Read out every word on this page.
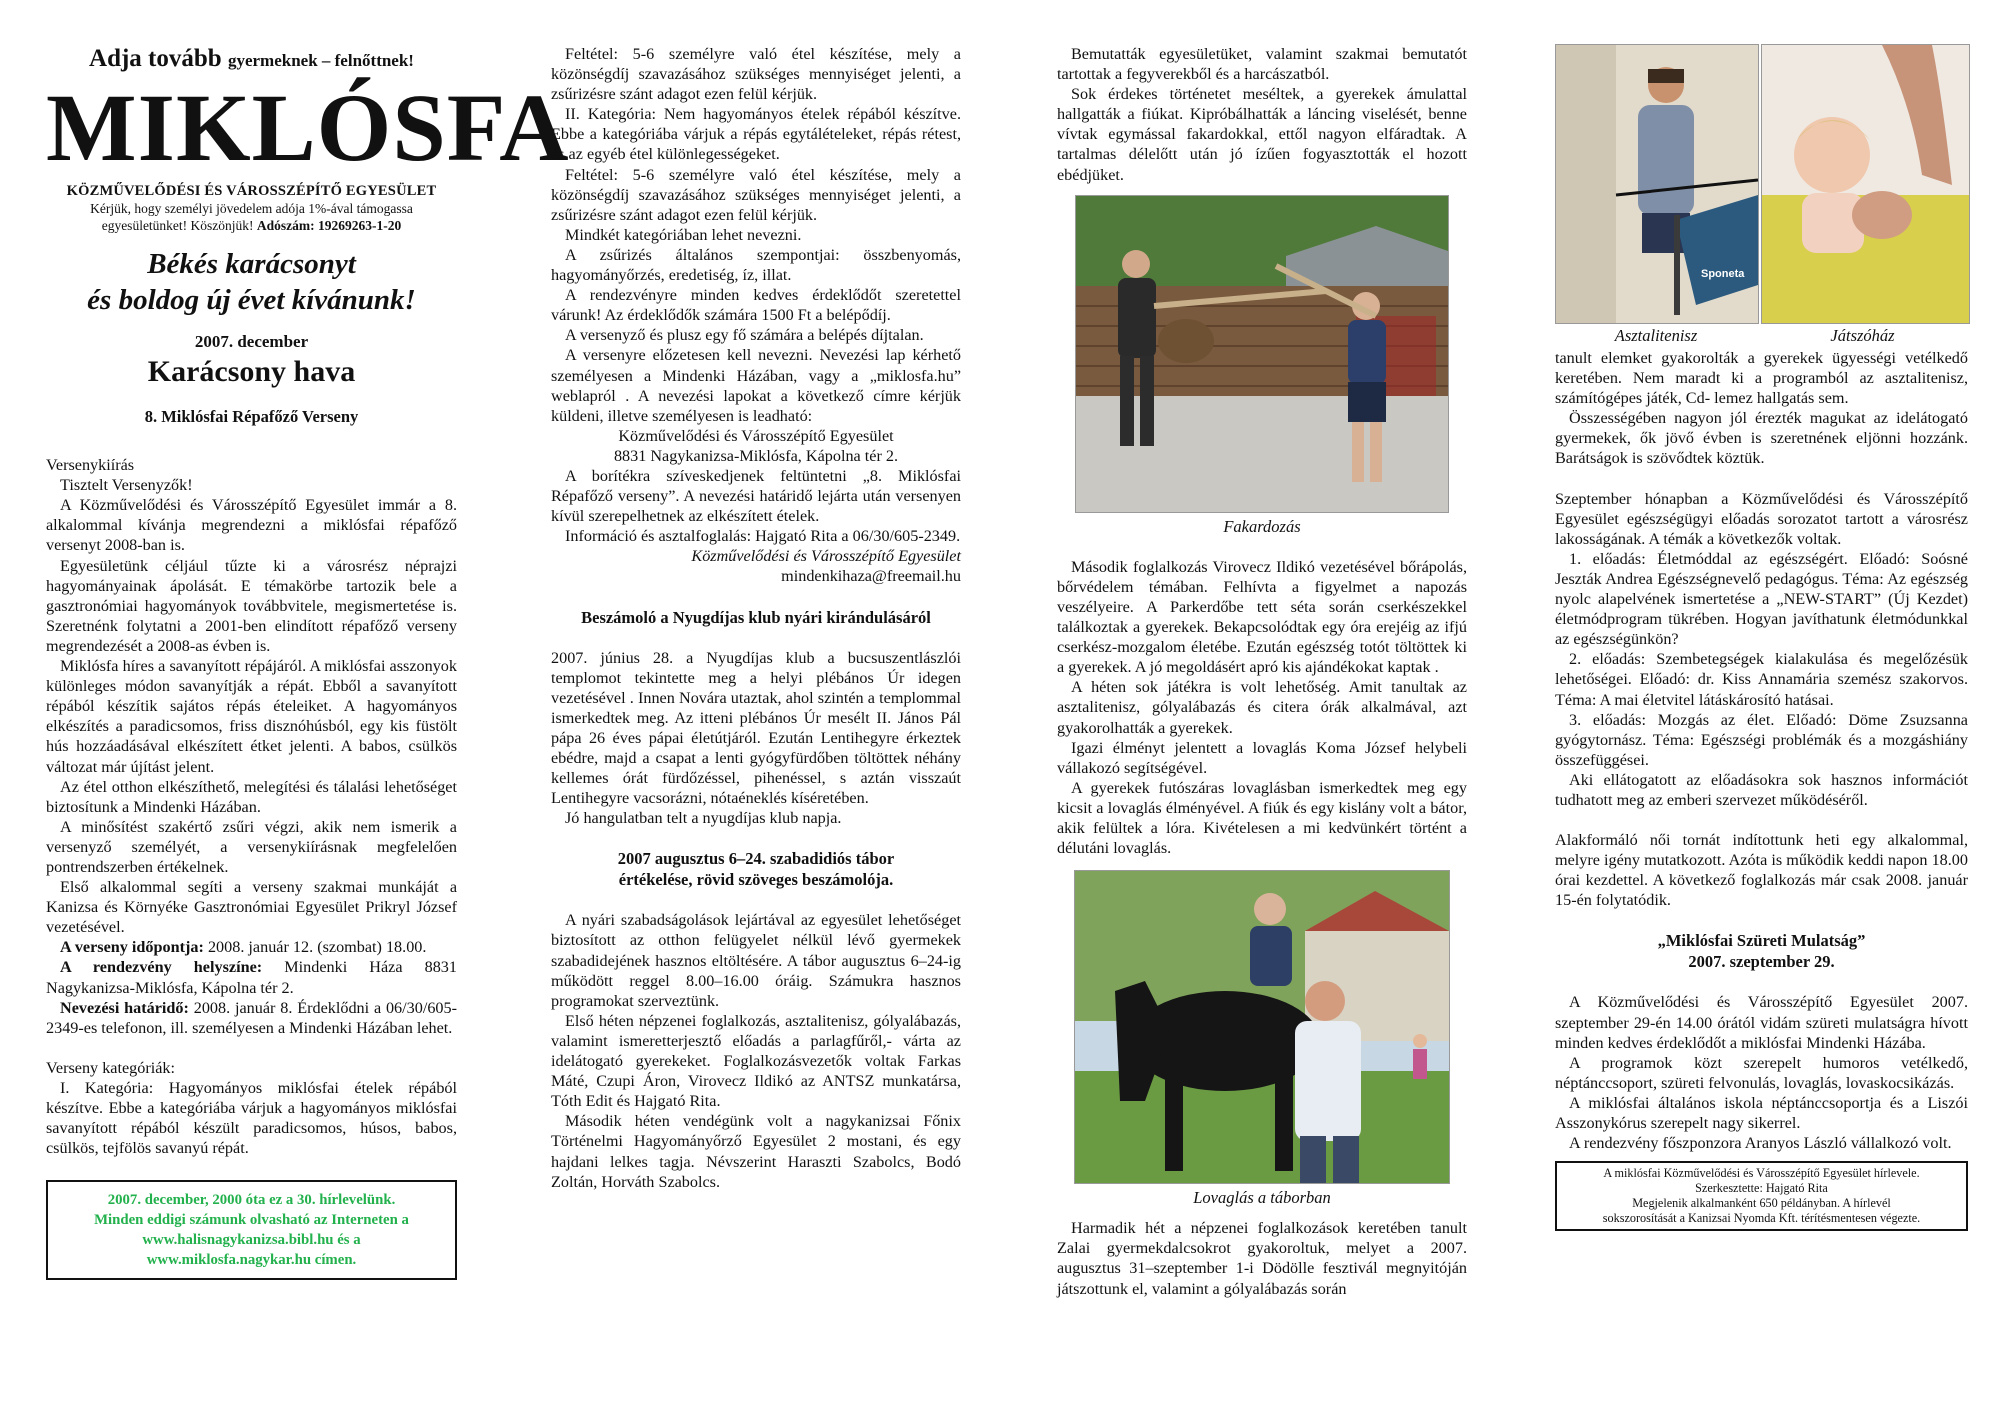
Adja tovább gyermeknek – felnőttnek!
MIKLÓSFA
KÖZMŰVELŐDÉSI ÉS VÁROSSZÉPÍTŐ EGYESÜLET
Kérjük, hogy személyi jövedelem adója 1%-ával támogassa
egyesületünket! Köszönjük! Adószám: 19269263-1-20
Békés karácsonyt
és boldog új évet kívánunk!
2007. december
Karácsony hava
8. Miklósfai Répafőző Verseny

Versenykiírás

Tisztelt Versenyzők!

A Közművelődési és Városszépítő Egyesület immár a 8. alkalommal kívánja megrendezni a miklósfai répafőző versenyt 2008-ban is.

Egyesületünk céljául tűzte ki a városrész néprajzi hagyományainak ápolását. E témakörbe tartozik bele a gasztronómiai hagyományok továbbvitele, megismertetése is. Szeretnénk folytatni a 2001-ben elindított répafőző verseny megrendezését a 2008-as évben is.

Miklósfa híres a savanyított répájáról. A miklósfai asszonyok különleges módon savanyítják a répát. Ebből a savanyított répából készítik sajátos répás ételeiket. A hagyományos elkészítés a paradicsomos, friss disznóhúsból, egy kis füstölt hús hozzáadásával elkészített étket jelenti. A babos, csülkös változat már újítást jelent.

Az étel otthon elkészíthető, melegítési és tálalási lehetőséget biztosítunk a Mindenki Házában.

A minősítést szakértő zsűri végzi, akik nem ismerik a versenyző személyét, a versenykiírásnak megfelelően pontrendszerben értékelnek.

Első alkalommal segíti a verseny szakmai munkáját a Kanizsa és Környéke Gasztronómiai Egyesület Prikryl József vezetésével.

A verseny időpontja: 2008. január 12. (szombat) 18.00.

A rendezvény helyszíne: Mindenki Háza 8831 Nagykanizsa-Miklósfa, Kápolna tér 2.

Nevezési határidő: 2008. január 8. Érdeklődni a 06/30/605-2349-es telefonon, ill. személyesen a Mindenki Házában lehet.

Verseny kategóriák:

I. Kategória: Hagyományos miklósfai ételek répából készítve. Ebbe a kategóriába várjuk a hagyományos miklósfai savanyított répából készült paradicsomos, húsos, babos, csülkös, tejfölös savanyú répát.

2007. december, 2000 óta ez a 30. hírlevelünk.
Minden eddigi számunk olvasható az Interneten a
www.halisnagykanizsa.bibl.hu és a
www.miklosfa.nagykar.hu címen.

Feltétel: 5-6 személyre való étel készítése, mely a közönségdíj szavazásához szükséges mennyiséget jelenti, a zsűrizésre szánt adagot ezen felül kérjük.

II. Kategória: Nem hagyományos ételek répából készítve. Ebbe a kategóriába várjuk a répás egytálételeket, répás rétest, és az egyéb étel különlegességeket.

Feltétel: 5-6 személyre való étel készítése, mely a közönségdíj szavazásához szükséges mennyiséget jelenti, a zsűrizésre szánt adagot ezen felül kérjük.

Mindkét kategóriában lehet nevezni.

A zsűrizés általános szempontjai: összbenyomás, hagyományőrzés, eredetiség, íz, illat.

A rendezvényre minden kedves érdeklődőt szeretettel várunk! Az érdeklődők számára 1500 Ft a belépődíj.

A versenyző és plusz egy fő számára a belépés díjtalan.

A versenyre előzetesen kell nevezni. Nevezési lap kérhető személyesen a Mindenki Házában, vagy a „miklosfa.hu” weblapról . A nevezési lapokat a következő címre kérjük küldeni, illetve személyesen is leadható:

Közművelődési és Városszépítő Egyesület

8831 Nagykanizsa-Miklósfa, Kápolna tér 2.

A borítékra szíveskedjenek feltüntetni „8. Miklósfai Répafőző verseny”. A nevezési határidő lejárta után versenyen kívül szerepelhetnek az elkészített ételek.

Információ és asztalfoglalás: Hajgató Rita a 06/30/605-2349.

Közművelődési és Városszépítő Egyesület

mindenkihaza@freemail.hu

Beszámoló a Nyugdíjas klub nyári kirándulásáról

2007. június 28. a Nyugdíjas klub a bucsuszentlászlói templomot tekintette meg a helyi plébános Úr idegen vezetésével . Innen Novára utaztak, ahol szintén a templommal ismerkedtek meg. Az itteni plébános Úr mesélt II. János Pál pápa 26 éves pápai életútjáról. Ezután Lentihegyre érkeztek ebédre, majd a csapat a lenti gyógyfürdőben töltöttek néhány kellemes órát fürdőzéssel, pihenéssel, s aztán visszaút Lentihegyre vacsorázni, nótaéneklés kíséretében.

Jó hangulatban telt a nyugdíjas klub napja.

2007 augusztus 6–24. szabadidiós tábor
értékelése, rövid szöveges beszámolója.

A nyári szabadságolások lejártával az egyesület lehetőséget biztosított az otthon felügyelet nélkül lévő gyermekek szabadidejének hasznos eltöltésére. A tábor augusztus 6–24-ig működött reggel 8.00–16.00 óráig. Számukra hasznos programokat szerveztünk.

Első héten népzenei foglalkozás, asztalitenisz, gólyalábazás, valamint ismeretterjesztő előadás a parlagfűről,- várta az idelátogató gyerekeket. Foglalkozásvezetők voltak Farkas Máté, Czupi Áron, Virovecz Ildikó az ANTSZ munkatársa, Tóth Edit és Hajgató Rita.

Második héten vendégünk volt a nagykanizsai Főnix Történelmi Hagyományőrző Egyesület 2 mostani, és egy hajdani lelkes tagja. Névszerint Haraszti Szabolcs, Bodó Zoltán, Horváth Szabolcs.

Bemutatták egyesületüket, valamint szakmai bemutatót tartottak a fegyverekből és a harcászatból.

Sok érdekes történetet meséltek, a gyerekek ámulattal hallgatták a fiúkat. Kipróbálhatták a láncing viselését, benne vívtak egymással fakardokkal, ettől nagyon elfáradtak. A tartalmas délelőtt után jó ízűen fogyasztották el hozott ebédjüket.

Fakardozás

Második foglalkozás Virovecz Ildikó vezetésével bőrápolás, bőrvédelem témában. Felhívta a figyelmet a napozás veszélyeire. A Parkerdőbe tett séta során cserkészekkel találkoztak a gyerekek. Bekapcsolódtak egy óra erejéig az ifjú cserkész-mozgalom életébe. Ezután egészség totót töltöttek ki a gyerekek. A jó megoldásért apró kis ajándékokat kaptak .

A héten sok játékra is volt lehetőség. Amit tanultak az asztalitenisz, gólyalábazás és citera órák alkalmával, azt gyakorolhatták a gyerekek.

Igazi élményt jelentett a lovaglás Koma József helybeli vállakozó segítségével.

A gyerekek futószáras lovaglásban ismerkedtek meg egy kicsit a lovaglás élményével. A fiúk és egy kislány volt a bátor, akik felültek a lóra. Kivételesen a mi kedvünkért történt a délutáni lovaglás.

Lovaglás a táborban

Harmadik hét a népzenei foglalkozások keretében tanult Zalai gyermekdalcsokrot gyakoroltuk, melyet a 2007. augusztus 31–szeptember 1-i Dödölle fesztivál megnyitóján játszottunk el, valamint a gólyalábazás során

Sponeta
Asztalitenisz	Játszóház

tanult elemket gyakorolták a gyerekek ügyességi vetélkedő keretében. Nem maradt ki a programból az asztalitenisz, számítógépes játék, Cd- lemez hallgatás sem.

Összességében nagyon jól érezték magukat az idelátogató gyermekek, ők jövő évben is szeretnének eljönni hozzánk. Barátságok is szövődtek köztük.

Szeptember hónapban a Közművelődési és Városszépítő Egyesület egészségügyi előadás sorozatot tartott a városrész lakosságának. A témák a következők voltak.

1. előadás: Életmóddal az egészségért. Előadó: Soósné Jeszták Andrea Egészségnevelő pedagógus. Téma: Az egészség nyolc alapelvének ismertetése a „NEW-START” (Új Kezdet) életmódprogram tükrében. Hogyan javíthatunk életmódunkkal az egészségünkön?

2. előadás: Szembetegségek kialakulása és megelőzésük lehetőségei. Előadó: dr. Kiss Annamária szemész szakorvos. Téma: A mai életvitel látáskárosító hatásai.

3. előadás: Mozgás az élet. Előadó: Döme Zsuzsanna gyógytornász. Téma: Egészségi problémák és a mozgáshiány összefüggései.

Aki ellátogatott az előadásokra sok hasznos információt tudhatott meg az emberi szervezet működéséről.

Alakformáló női tornát indítottunk heti egy alkalommal, melyre igény mutatkozott. Azóta is működik keddi napon 18.00 órai kezdettel. A következő foglalkozás már csak 2008. január 15-én folytatódik.

„Miklósfai Szüreti Mulatság”
2007. szeptember 29.

A Közművelődési és Városszépítő Egyesület 2007. szeptember 29-én 14.00 órától vidám szüreti mulatságra hívott minden kedves érdeklődőt a miklósfai Mindenki Házába.

A programok közt szerepelt humoros vetélkedő, néptánccsoport, szüreti felvonulás, lovaglás, lovaskocsikázás.

A miklósfai általános iskola néptánccsoportja és a Liszói Asszonykórus szerepelt nagy sikerrel.

A rendezvény főszponzora Aranyos László vállalkozó volt.

A miklósfai Közművelődési és Városszépítő Egyesület hírlevele.
Szerkesztette: Hajgató Rita
Megjelenik alkalmanként 650 példányban. A hírlevél
sokszorosítását a Kanizsai Nyomda Kft. térítésmentesen végezte.
